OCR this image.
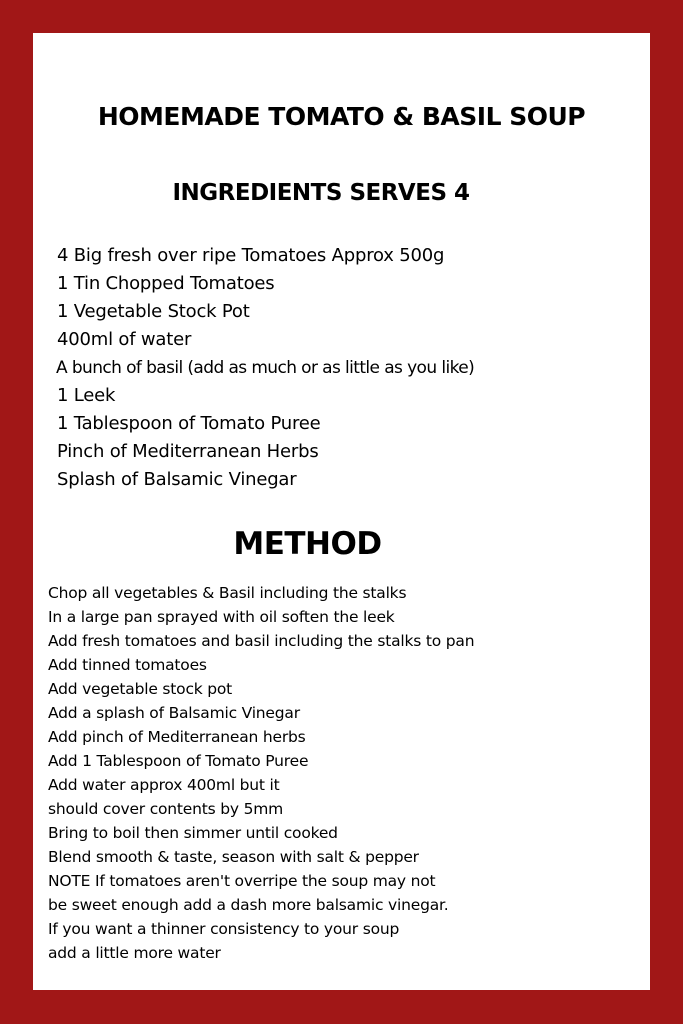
HOMEMADE TOMATO & BASIL SOUP
INGREDIENTS SERVES 4
4 Big fresh over ripe Tomatoes Approx 500g
1 Tin Chopped Tomatoes
1 Vegetable Stock Pot
400ml of water
A bunch of basil (add as much or as little as you like)
1 Leek
1 Tablespoon of Tomato Puree
Pinch of Mediterranean Herbs
Splash of Balsamic Vinegar
METHOD
Chop all vegetables & Basil including the stalks
In a large pan sprayed with oil soften the leek
Add fresh tomatoes and basil including the stalks to pan
Add tinned tomatoes
Add vegetable stock pot
Add a splash of Balsamic Vinegar
Add pinch of Mediterranean herbs
Add 1 Tablespoon of Tomato Puree
Add water approx 400ml but it
should cover contents by 5mm
Bring to boil then simmer until cooked
Blend smooth & taste, season with salt & pepper
NOTE If tomatoes aren't overripe the soup may not
be sweet enough add a dash more balsamic vinegar.
If you want a thinner consistency to your soup
add a little more water
